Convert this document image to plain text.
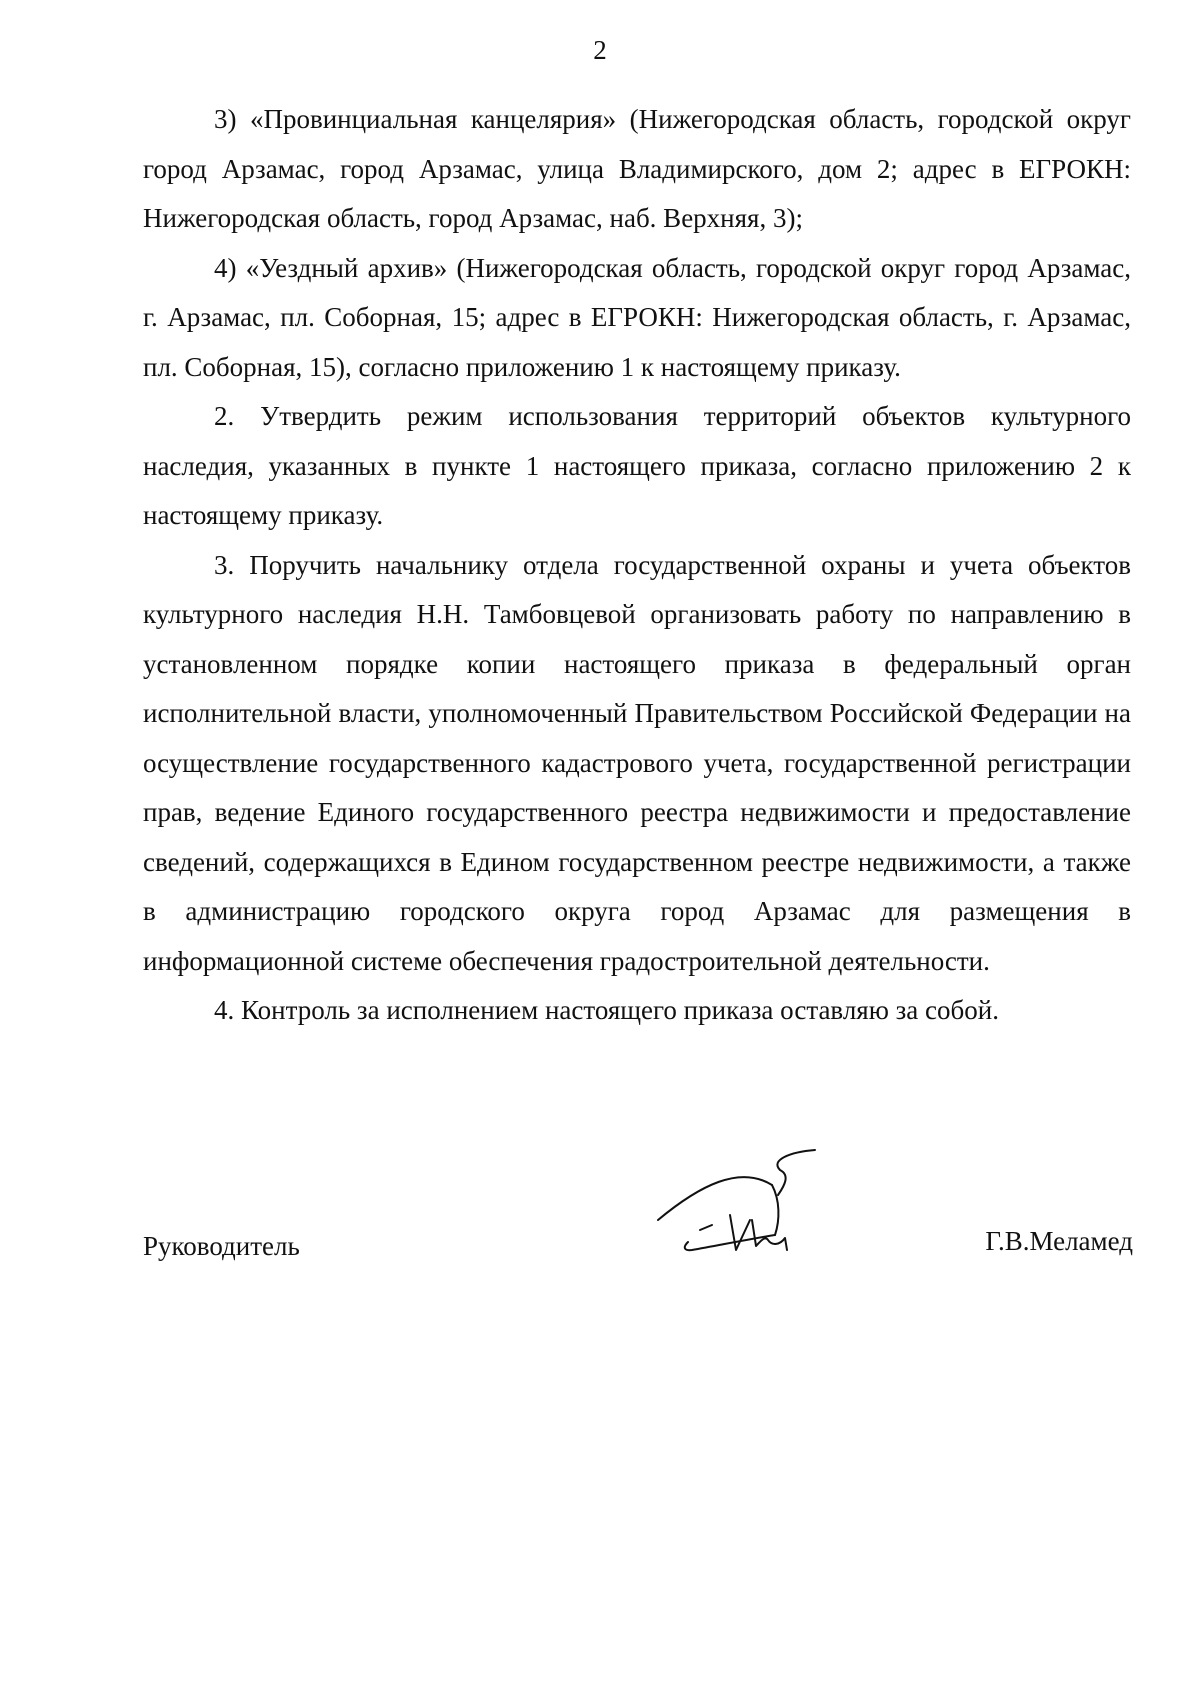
2

3) «Провинциальная канцелярия» (Нижегородская область, городской округ город Арзамас, город Арзамас, улица Владимирского, дом 2; адрес в ЕГРОКН: Нижегородская область, город Арзамас, наб. Верхняя, 3);

4) «Уездный архив» (Нижегородская область, городской округ город Арзамас, г. Арзамас, пл. Соборная, 15; адрес в ЕГРОКН: Нижегородская область, г. Арзамас, пл. Соборная, 15), согласно приложению 1 к настоящему приказу.

2. Утвердить режим использования территорий объектов культурного наследия, указанных в пункте 1 настоящего приказа, согласно приложению 2 к настоящему приказу.

3. Поручить начальнику отдела государственной охраны и учета объектов культурного наследия Н.Н. Тамбовцевой организовать работу по направлению в установленном порядке копии настоящего приказа в федеральный орган исполнительной власти, уполномоченный Правительством Российской Федерации на осуществление государственного кадастрового учета, государственной регистрации прав, ведение Единого государственного реестра недвижимости и предоставление сведений, содержащихся в Едином государственном реестре недвижимости, а также в администрацию городского округа город Арзамас для размещения в информационной системе обеспечения градостроительной деятельности.

4. Контроль за исполнением настоящего приказа оставляю за собой.

Руководитель	Г.В.Меламед
